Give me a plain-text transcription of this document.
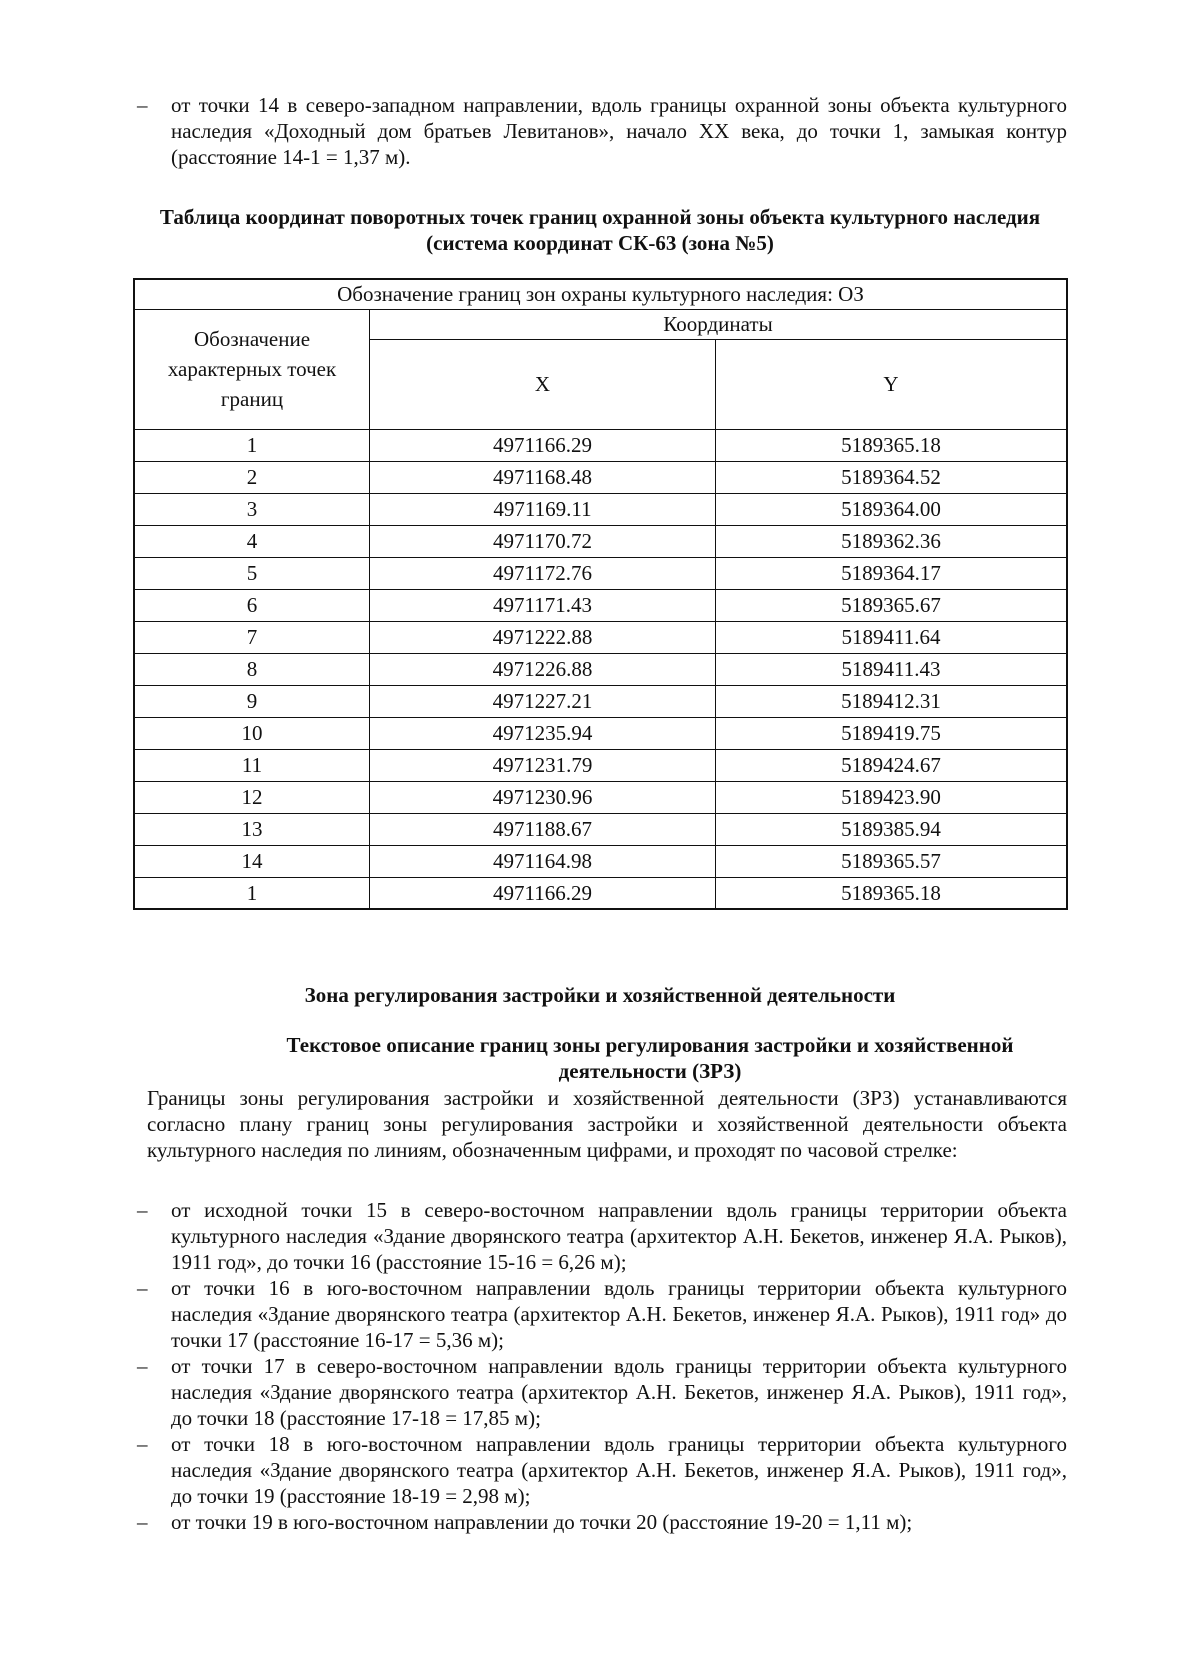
–	от точки 14 в северо-западном направлении, вдоль границы охранной зоны объекта культурного наследия «Доходный дом братьев Левитанов», начало XX века, до точки 1, замыкая контур (расстояние 14-1 = 1,37 м).
Таблица координат поворотных точек границ охранной зоны объекта культурного наследия (система координат СК-63 (зона №5)
Обозначение границ зон охраны культурного наследия: ОЗ		
Обозначение характерных точек границ	Координаты	
	X	Y
1	4971166.29	5189365.18
2	4971168.48	5189364.52
3	4971169.11	5189364.00
4	4971170.72	5189362.36
5	4971172.76	5189364.17
6	4971171.43	5189365.67
7	4971222.88	5189411.64
8	4971226.88	5189411.43
9	4971227.21	5189412.31
10	4971235.94	5189419.75
11	4971231.79	5189424.67
12	4971230.96	5189423.90
13	4971188.67	5189385.94
14	4971164.98	5189365.57
1	4971166.29	5189365.18
Зона регулирования застройки и хозяйственной деятельности
Текстовое описание границ зоны регулирования застройки и хозяйственной деятельности (ЗРЗ)
Границы зоны регулирования застройки и хозяйственной деятельности (ЗРЗ) устанавливаются согласно плану границ зоны регулирования застройки и хозяйственной деятельности объекта культурного наследия по линиям, обозначенным цифрами, и проходят по часовой стрелке:
–	от исходной точки 15 в северо-восточном направлении вдоль границы территории объекта культурного наследия «Здание дворянского театра (архитектор А.Н. Бекетов, инженер Я.А. Рыков), 1911 год», до точки 16 (расстояние 15-16 = 6,26 м);
–	от точки 16 в юго-восточном направлении вдоль границы территории объекта культурного наследия «Здание дворянского театра (архитектор А.Н. Бекетов, инженер Я.А. Рыков), 1911 год» до точки 17 (расстояние 16-17 = 5,36 м);
–	от точки 17 в северо-восточном направлении вдоль границы территории объекта культурного наследия «Здание дворянского театра (архитектор А.Н. Бекетов, инженер Я.А. Рыков), 1911 год», до точки 18 (расстояние 17-18 = 17,85 м);
–	от точки 18 в юго-восточном направлении вдоль границы территории объекта культурного наследия «Здание дворянского театра (архитектор А.Н. Бекетов, инженер Я.А. Рыков), 1911 год», до точки 19 (расстояние 18-19 = 2,98 м);
–	от точки 19 в юго-восточном направлении до точки 20 (расстояние 19-20 = 1,11 м);
